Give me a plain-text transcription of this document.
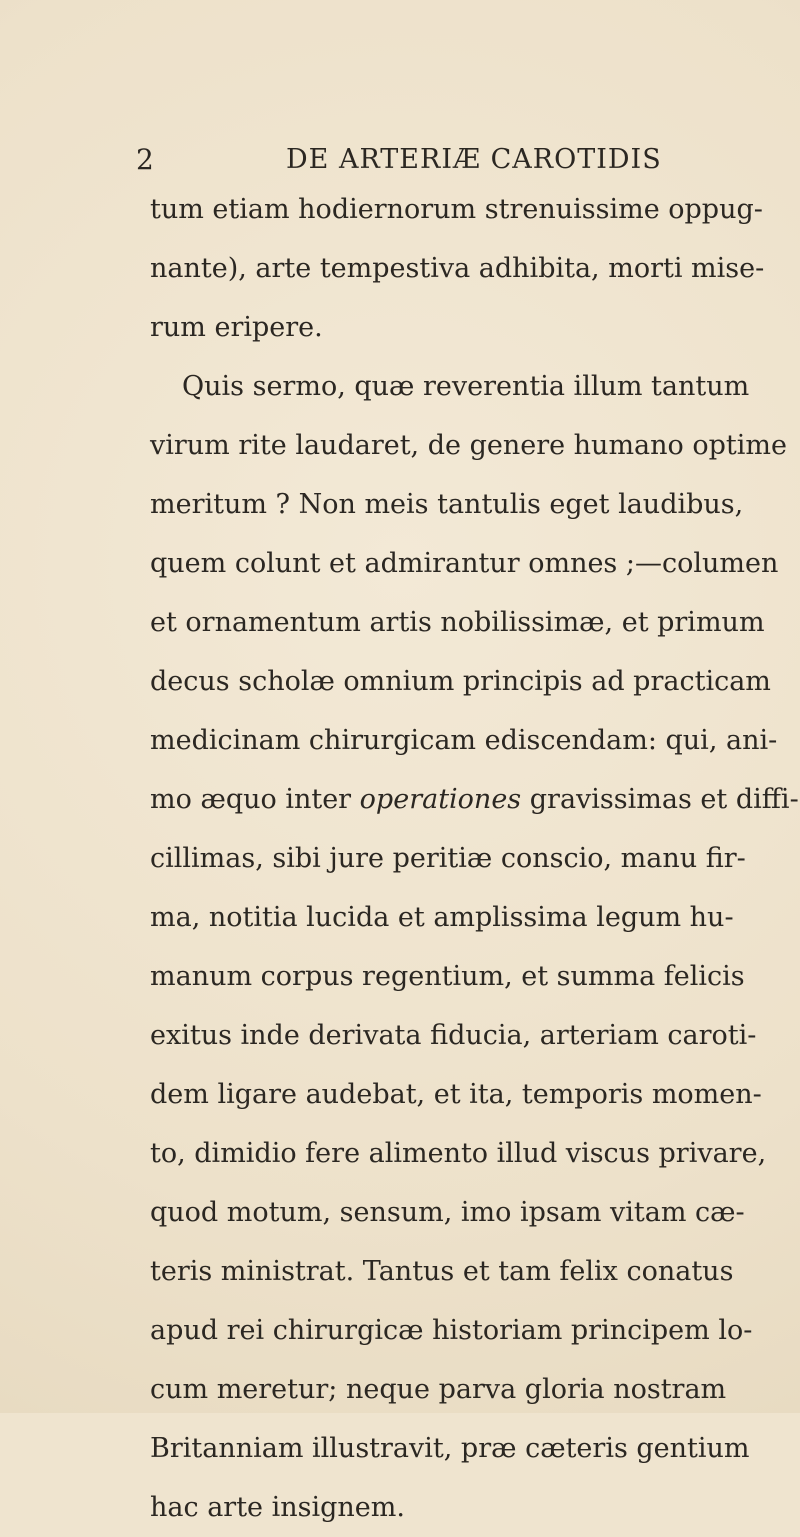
2	DE ARTERIÆ CAROTIDIS
tum etiam hodiernorum strenuissime oppug-
nante), arte tempestiva adhibita, morti mise-
rum eripere.
Quis sermo, quæ reverentia illum tantum
virum rite laudaret, de genere humano optime
meritum ? Non meis tantulis eget laudibus,
quem colunt et admirantur omnes ;—columen
et ornamentum artis nobilissimæ, et primum
decus scholæ omnium principis ad practicam
medicinam chirurgicam ediscendam: qui, ani-
mo æquo inter operationes gravissimas et diffi-
cillimas, sibi jure peritiæ conscio, manu fir-
ma, notitia lucida et amplissima legum hu-
manum corpus regentium, et summa felicis
exitus inde derivata fiducia, arteriam caroti-
dem ligare audebat, et ita, temporis momen-
to, dimidio fere alimento illud viscus privare,
quod motum, sensum, imo ipsam vitam cæ-
teris ministrat. Tantus et tam felix conatus
apud rei chirurgicæ historiam principem lo-
cum meretur; neque parva gloria nostram
Britanniam illustravit, præ cæteris gentium
hac arte insignem.
